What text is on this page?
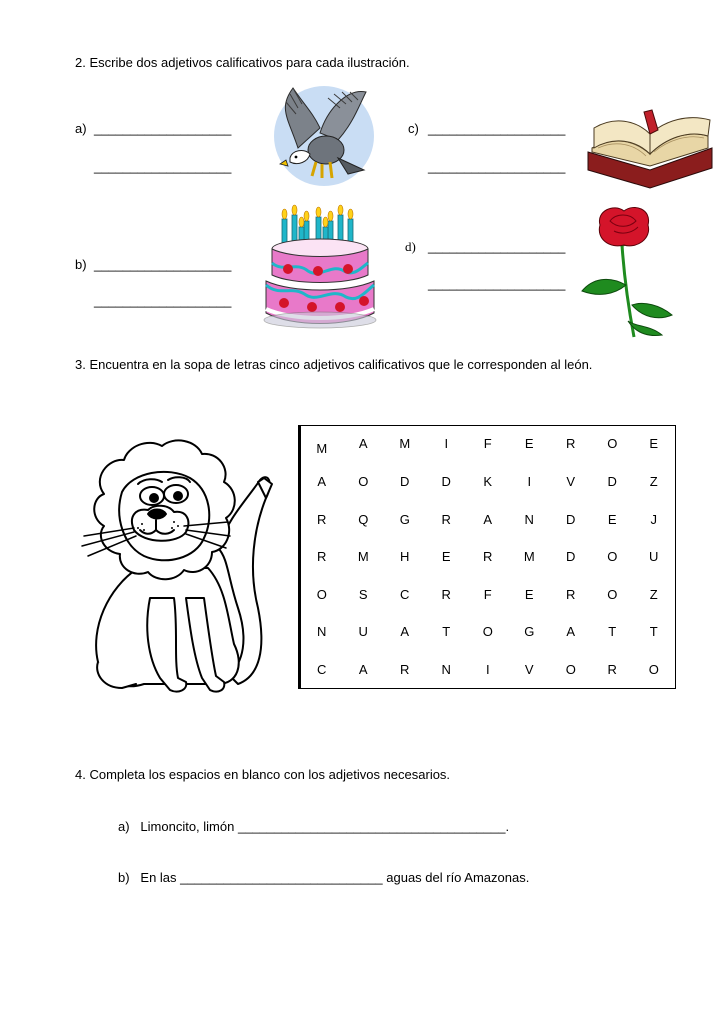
2. Escribe dos adjetivos calificativos para cada ilustración.
a) ___________________
___________________
b) ___________________
___________________
c) ___________________
___________________
d) ___________________
___________________
3. Encuentra en la sopa de letras cinco adjetivos calificativos que le corresponden al león.
M	A	M	I	F	E	R	O	E
A	O	D	D	K	I	V	D	Z
R	Q	G	R	A	N	D	E	J
R	M	H	E	R	M	D	O	U
O	S	C	R	F	E	R	O	Z
N	U	A	T	O	G	A	T	T
C	A	R	N	I	V	O	R	O
4. Completa los espacios en blanco con los adjetivos necesarios.
a) Limoncito, limón _____________________________________.
b) En las ____________________________ aguas del río Amazonas.
